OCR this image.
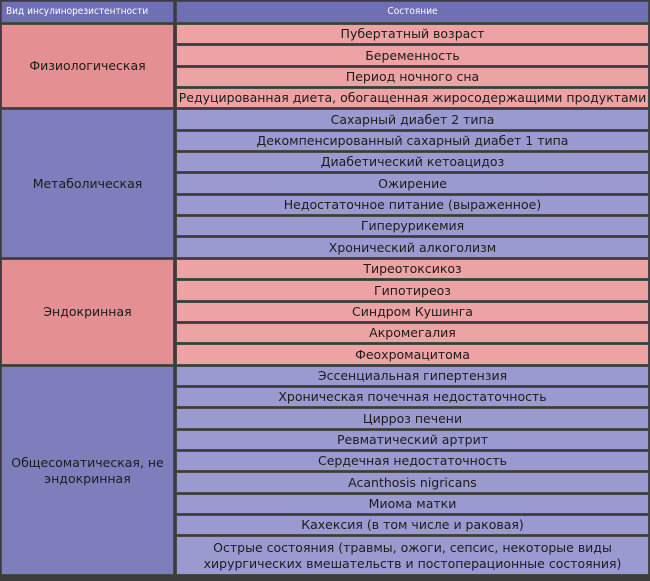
Вид инсулинорезистентности	Состояние
Пубертатный возраст
Беременность
Период ночного сна
Редуцированная диета, обогащенная жиросодержащими продуктами
Физиологическая
Сахарный диабет 2 типа
Декомпенсированный сахарный диабет 1 типа
Диабетический кетоацидоз
Ожирение
Недостаточное питание (выраженное)
Гиперурикемия
Хронический алкоголизм
Метаболическая
Тиреотоксикоз
Гипотиреоз
Синдром Кушинга
Акромегалия
Феохромацитома
Эндокринная
Эссенциальная гипертензия
Хроническая почечная недостаточность
Цирроз печени
Ревматический артрит
Сердечная недостаточность
Acanthosis nigricans
Миома матки
Кахексия (в том числе и раковая)
Острые состояния (травмы, ожоги, сепсис, некоторые виды хирургических вмешательств и постоперационные состояния)
Общесоматическая, не эндокринная
